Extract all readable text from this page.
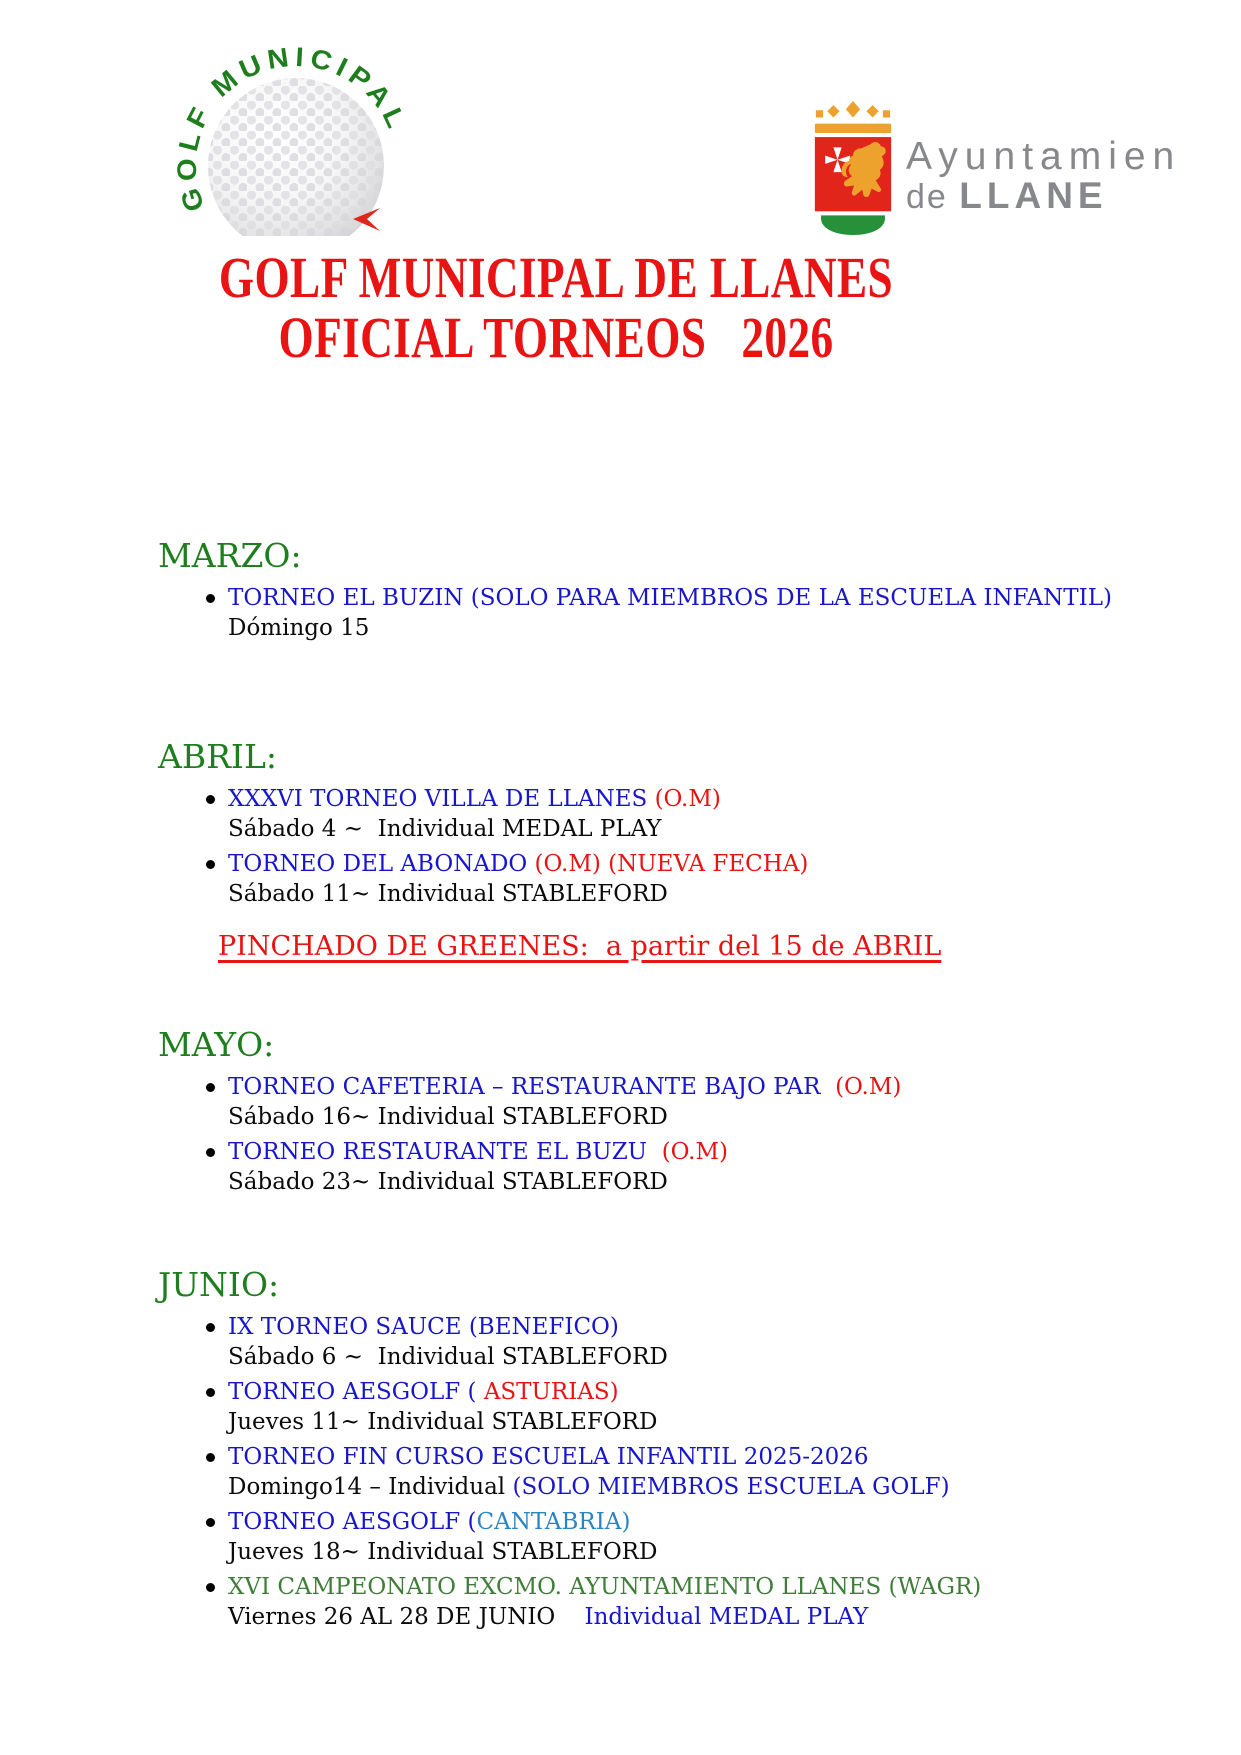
GOLF MUNICIPAL
Ayuntamien
de LLANE
GOLF MUNICIPAL DE LLANES
OFICIAL TORNEOS   2026
MARZO:
TORNEO EL BUZIN (SOLO PARA MIEMBROS DE LA ESCUELA INFANTIL)
Dómingo 15
ABRIL:
XXXVI TORNEO VILLA DE LLANES (O.M)
Sábado 4 ~  Individual MEDAL PLAY
TORNEO DEL ABONADO (O.M) (NUEVA FECHA)
Sábado 11~ Individual STABLEFORD

PINCHADO DE GREENES:  a partir del 15 de ABRIL

MAYO:
TORNEO CAFETERIA – RESTAURANTE BAJO PAR  (O.M)
Sábado 16~ Individual STABLEFORD
TORNEO RESTAURANTE EL BUZU  (O.M)
Sábado 23~ Individual STABLEFORD
JUNIO:
IX TORNEO SAUCE (BENEFICO)
Sábado 6 ~  Individual STABLEFORD
TORNEO AESGOLF ( ASTURIAS)
Jueves 11~ Individual STABLEFORD
TORNEO FIN CURSO ESCUELA INFANTIL 2025-2026
Domingo14 – Individual (SOLO MIEMBROS ESCUELA GOLF)
TORNEO AESGOLF (CANTABRIA)
Jueves 18~ Individual STABLEFORD
XVI CAMPEONATO EXCMO. AYUNTAMIENTO LLANES (WAGR)
Viernes 26 AL 28 DE JUNIO    Individual MEDAL PLAY
